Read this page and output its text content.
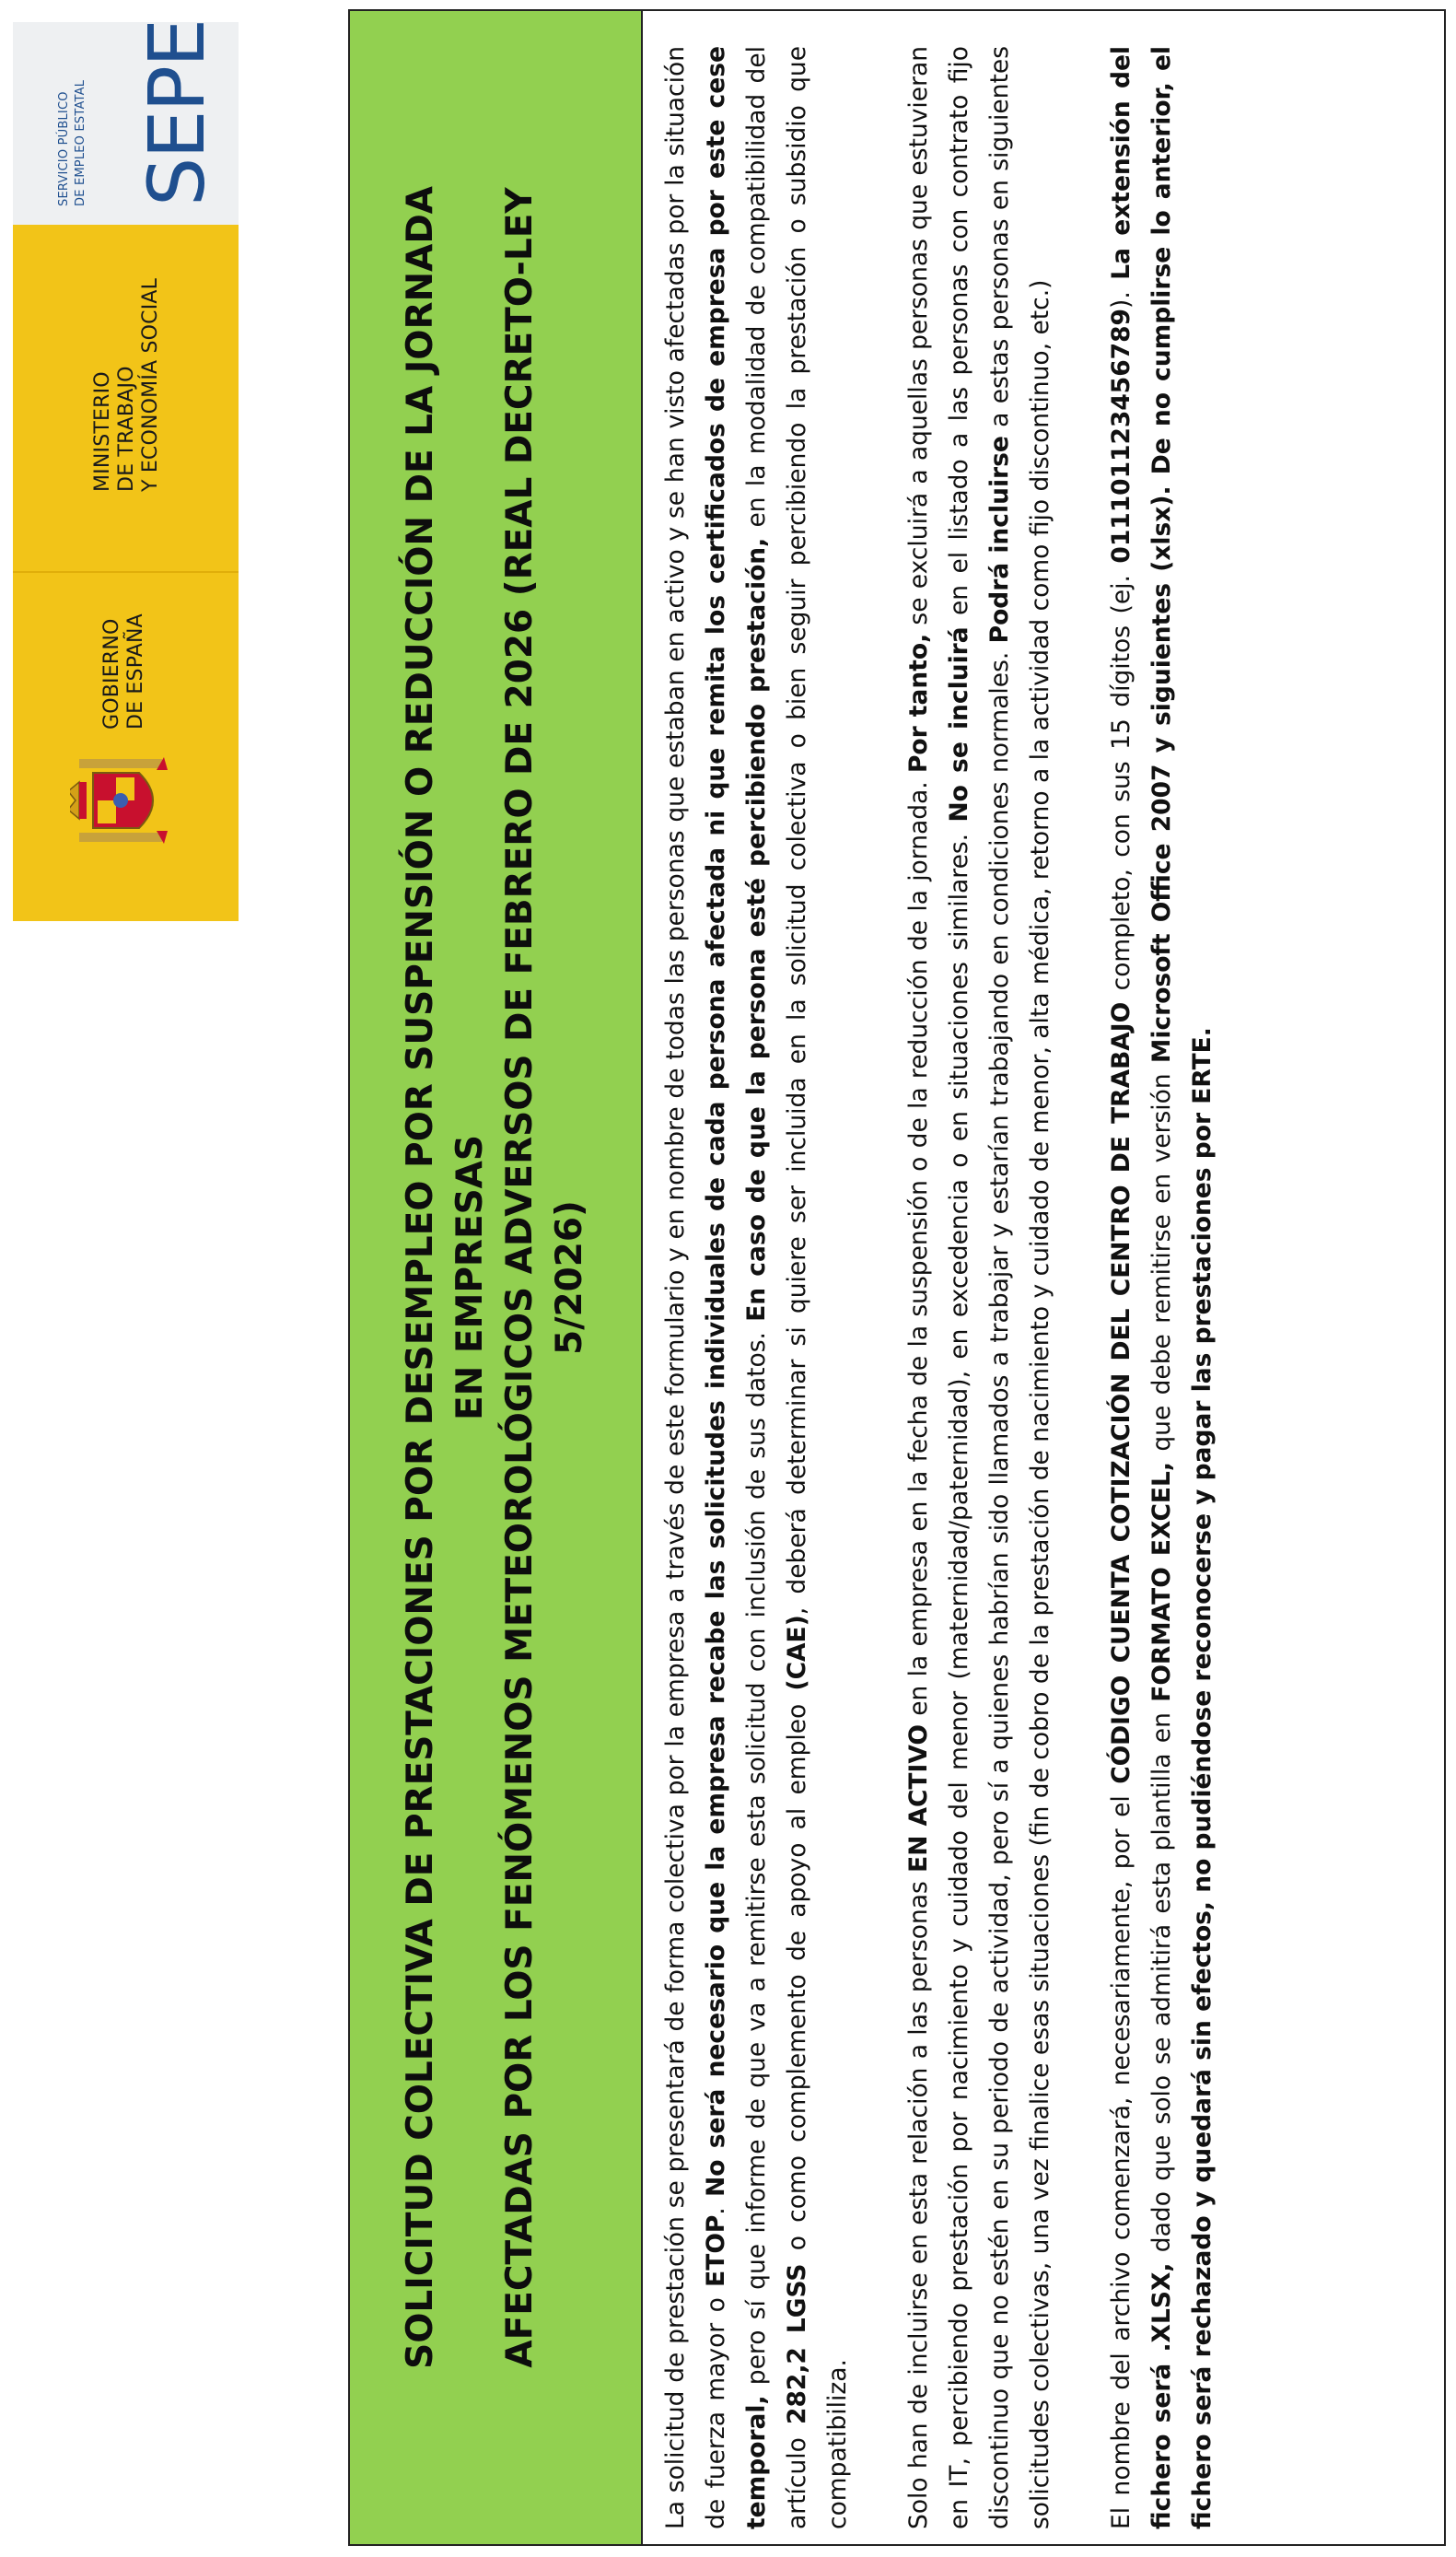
SERVICIO PÚBLICO DE EMPLEO ESTATAL SEPE
MINISTERIO DE TRABAJO Y ECONOMÍA SOCIAL
GOBIERNO DE ESPAÑA	SOLICITUD COLECTIVA DE PRESTACIONES POR DESEMPLEO POR SUSPENSIÓN O REDUCCIÓN DE LA JORNADA EN EMPRESAS AFECTADAS POR LOS FENÓMENOS METEOROLÓGICOS ADVERSOS DE FEBRERO DE 2026 (REAL DECRETO-LEY 5/2026)	La solicitud de prestación se presentará de forma colectiva por la empresa a través de este formulario y en nombre de todas las personas que estaban en activo y se han visto afectadas por la situación de fuerza mayor o ETOP. No será necesario que la empresa recabe las solicitudes individuales de cada persona afectada ni que remita los certificados de empresa por este cese temporal, pero sí que informe de que va a remitirse esta solicitud con inclusión de sus datos. En caso de que la persona esté percibiendo prestación, en la modalidad de compatibilidad del artículo 282,2 LGSS o como complemento de apoyo al empleo (CAE), deberá determinar si quiere ser incluida en la solicitud colectiva o bien seguir percibiendo la prestación o subsidio que compatibiliza. Solo han de incluirse en esta relación a las personas EN ACTIVO en la empresa en la fecha de la suspensión o de la reducción de la jornada. Por tanto, se excluirá a aquellas personas que estuvieran en IT, percibiendo prestación por nacimiento y cuidado del menor (maternidad/paternidad), en excedencia o en situaciones similares. No se incluirá en el listado a las personas con contrato fijo discontinuo que no estén en su periodo de actividad, pero sí a quienes habrían sido llamados a trabajar y estarían trabajando en condiciones normales. Podrá incluirse a estas personas en siguientes solicitudes colectivas, una vez finalice esas situaciones (fin de cobro de la prestación de nacimiento y cuidado de menor, alta médica, retorno a la actividad como fijo discontinuo, etc.) El nombre del archivo comenzará, necesariamente, por el CÓDIGO CUENTA COTIZACIÓN DEL CENTRO DE TRABAJO completo, con sus 15 dígitos (ej. 011101123456789). La extensión del fichero será .XLSX, dado que solo se admitirá esta plantilla en FORMATO EXCEL, que debe remitirse en versión Microsoft Office 2007 y siguientes (xlsx). De no cumplirse lo anterior, el fichero será rechazado y quedará sin efectos, no pudiéndose reconocerse y pagar las prestaciones por ERTE.
